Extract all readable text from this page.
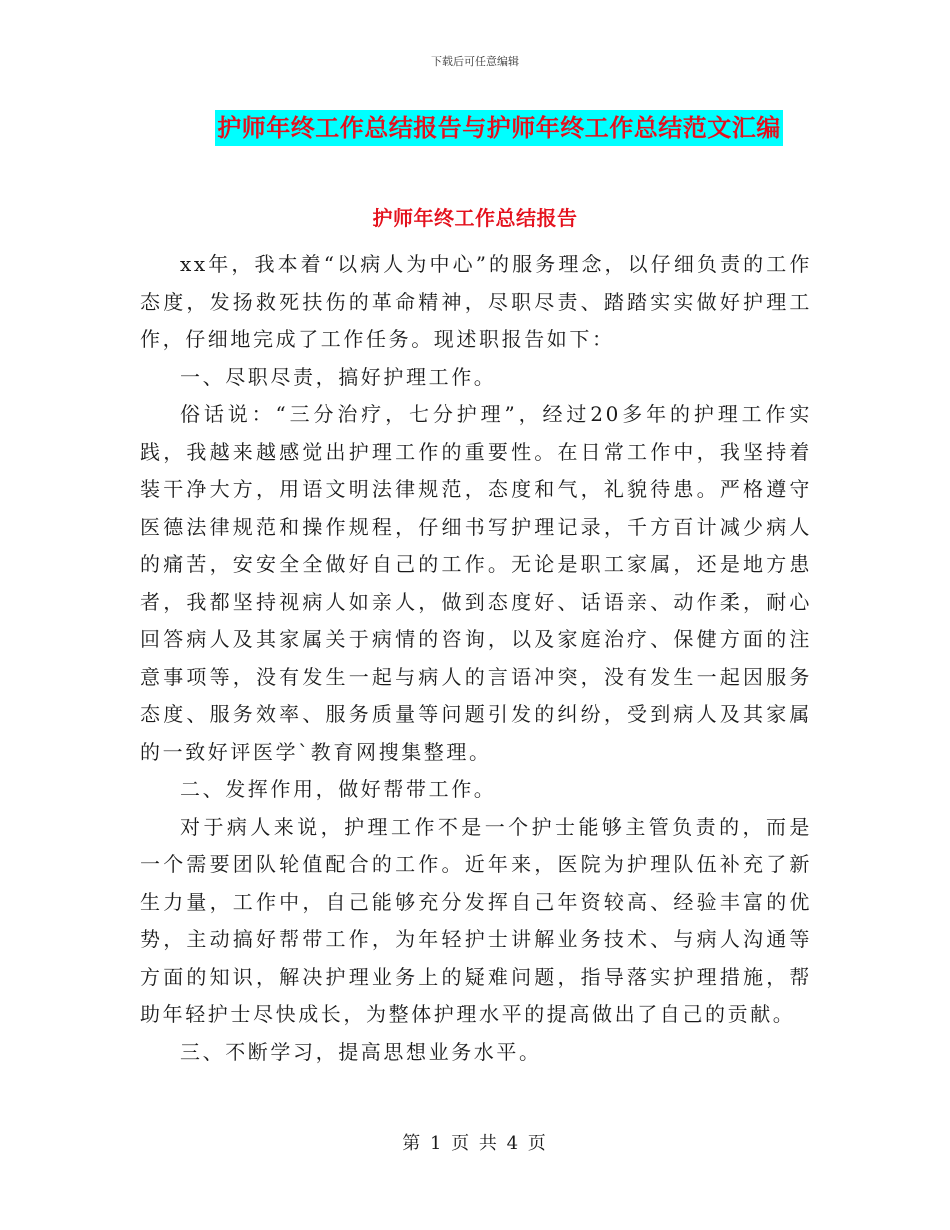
下载后可任意编辑
护师年终工作总结报告与护师年终工作总结范文汇编
护师年终工作总结报告

xx年，我本着“以病人为中心”的服务理念，以仔细负责的工作态度，发扬救死扶伤的革命精神，尽职尽责、踏踏实实做好护理工作，仔细地完成了工作任务。现述职报告如下：

一、尽职尽责，搞好护理工作。

俗话说：“三分治疗，七分护理”，经过20多年的护理工作实践，我越来越感觉出护理工作的重要性。在日常工作中，我坚持着装干净大方，用语文明法律规范，态度和气，礼貌待患。严格遵守医德法律规范和操作规程，仔细书写护理记录，千方百计减少病人的痛苦，安安全全做好自己的工作。无论是职工家属，还是地方患者，我都坚持视病人如亲人，做到态度好、话语亲、动作柔，耐心回答病人及其家属关于病情的咨询，以及家庭治疗、保健方面的注意事项等，没有发生一起与病人的言语冲突，没有发生一起因服务态度、服务效率、服务质量等问题引发的纠纷，受到病人及其家属的一致好评医学`教育网搜集整理。

二、发挥作用，做好帮带工作。

对于病人来说，护理工作不是一个护士能够主管负责的，而是一个需要团队轮值配合的工作。近年来，医院为护理队伍补充了新生力量，工作中，自己能够充分发挥自己年资较高、经验丰富的优势，主动搞好帮带工作，为年轻护士讲解业务技术、与病人沟通等方面的知识，解决护理业务上的疑难问题，指导落实护理措施，帮助年轻护士尽快成长，为整体护理水平的提高做出了自己的贡献。

三、不断学习，提高思想业务水平。

第 1 页 共 4 页
